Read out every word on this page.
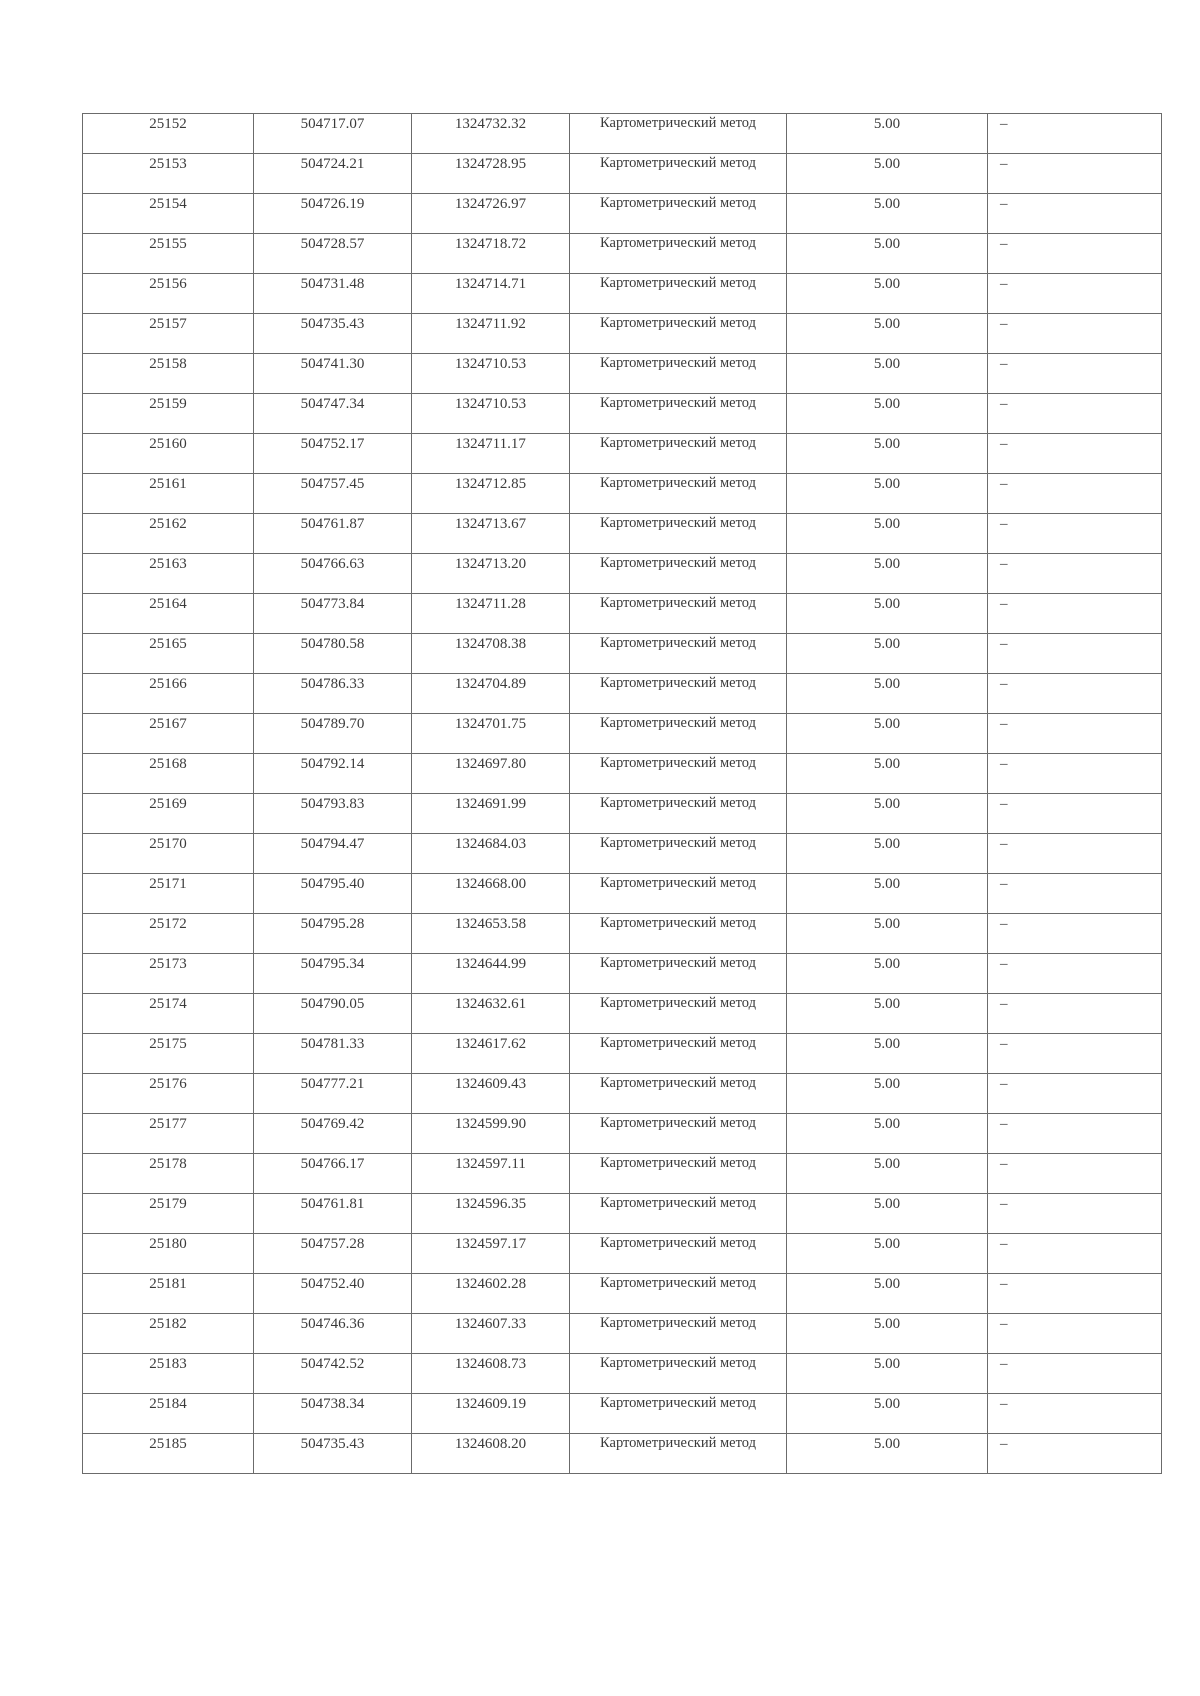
25152	504717.07	1324732.32	Картометрический метод	5.00	–
25153	504724.21	1324728.95	Картометрический метод	5.00	–
25154	504726.19	1324726.97	Картометрический метод	5.00	–
25155	504728.57	1324718.72	Картометрический метод	5.00	–
25156	504731.48	1324714.71	Картометрический метод	5.00	–
25157	504735.43	1324711.92	Картометрический метод	5.00	–
25158	504741.30	1324710.53	Картометрический метод	5.00	–
25159	504747.34	1324710.53	Картометрический метод	5.00	–
25160	504752.17	1324711.17	Картометрический метод	5.00	–
25161	504757.45	1324712.85	Картометрический метод	5.00	–
25162	504761.87	1324713.67	Картометрический метод	5.00	–
25163	504766.63	1324713.20	Картометрический метод	5.00	–
25164	504773.84	1324711.28	Картометрический метод	5.00	–
25165	504780.58	1324708.38	Картометрический метод	5.00	–
25166	504786.33	1324704.89	Картометрический метод	5.00	–
25167	504789.70	1324701.75	Картометрический метод	5.00	–
25168	504792.14	1324697.80	Картометрический метод	5.00	–
25169	504793.83	1324691.99	Картометрический метод	5.00	–
25170	504794.47	1324684.03	Картометрический метод	5.00	–
25171	504795.40	1324668.00	Картометрический метод	5.00	–
25172	504795.28	1324653.58	Картометрический метод	5.00	–
25173	504795.34	1324644.99	Картометрический метод	5.00	–
25174	504790.05	1324632.61	Картометрический метод	5.00	–
25175	504781.33	1324617.62	Картометрический метод	5.00	–
25176	504777.21	1324609.43	Картометрический метод	5.00	–
25177	504769.42	1324599.90	Картометрический метод	5.00	–
25178	504766.17	1324597.11	Картометрический метод	5.00	–
25179	504761.81	1324596.35	Картометрический метод	5.00	–
25180	504757.28	1324597.17	Картометрический метод	5.00	–
25181	504752.40	1324602.28	Картометрический метод	5.00	–
25182	504746.36	1324607.33	Картометрический метод	5.00	–
25183	504742.52	1324608.73	Картометрический метод	5.00	–
25184	504738.34	1324609.19	Картометрический метод	5.00	–
25185	504735.43	1324608.20	Картометрический метод	5.00	–
